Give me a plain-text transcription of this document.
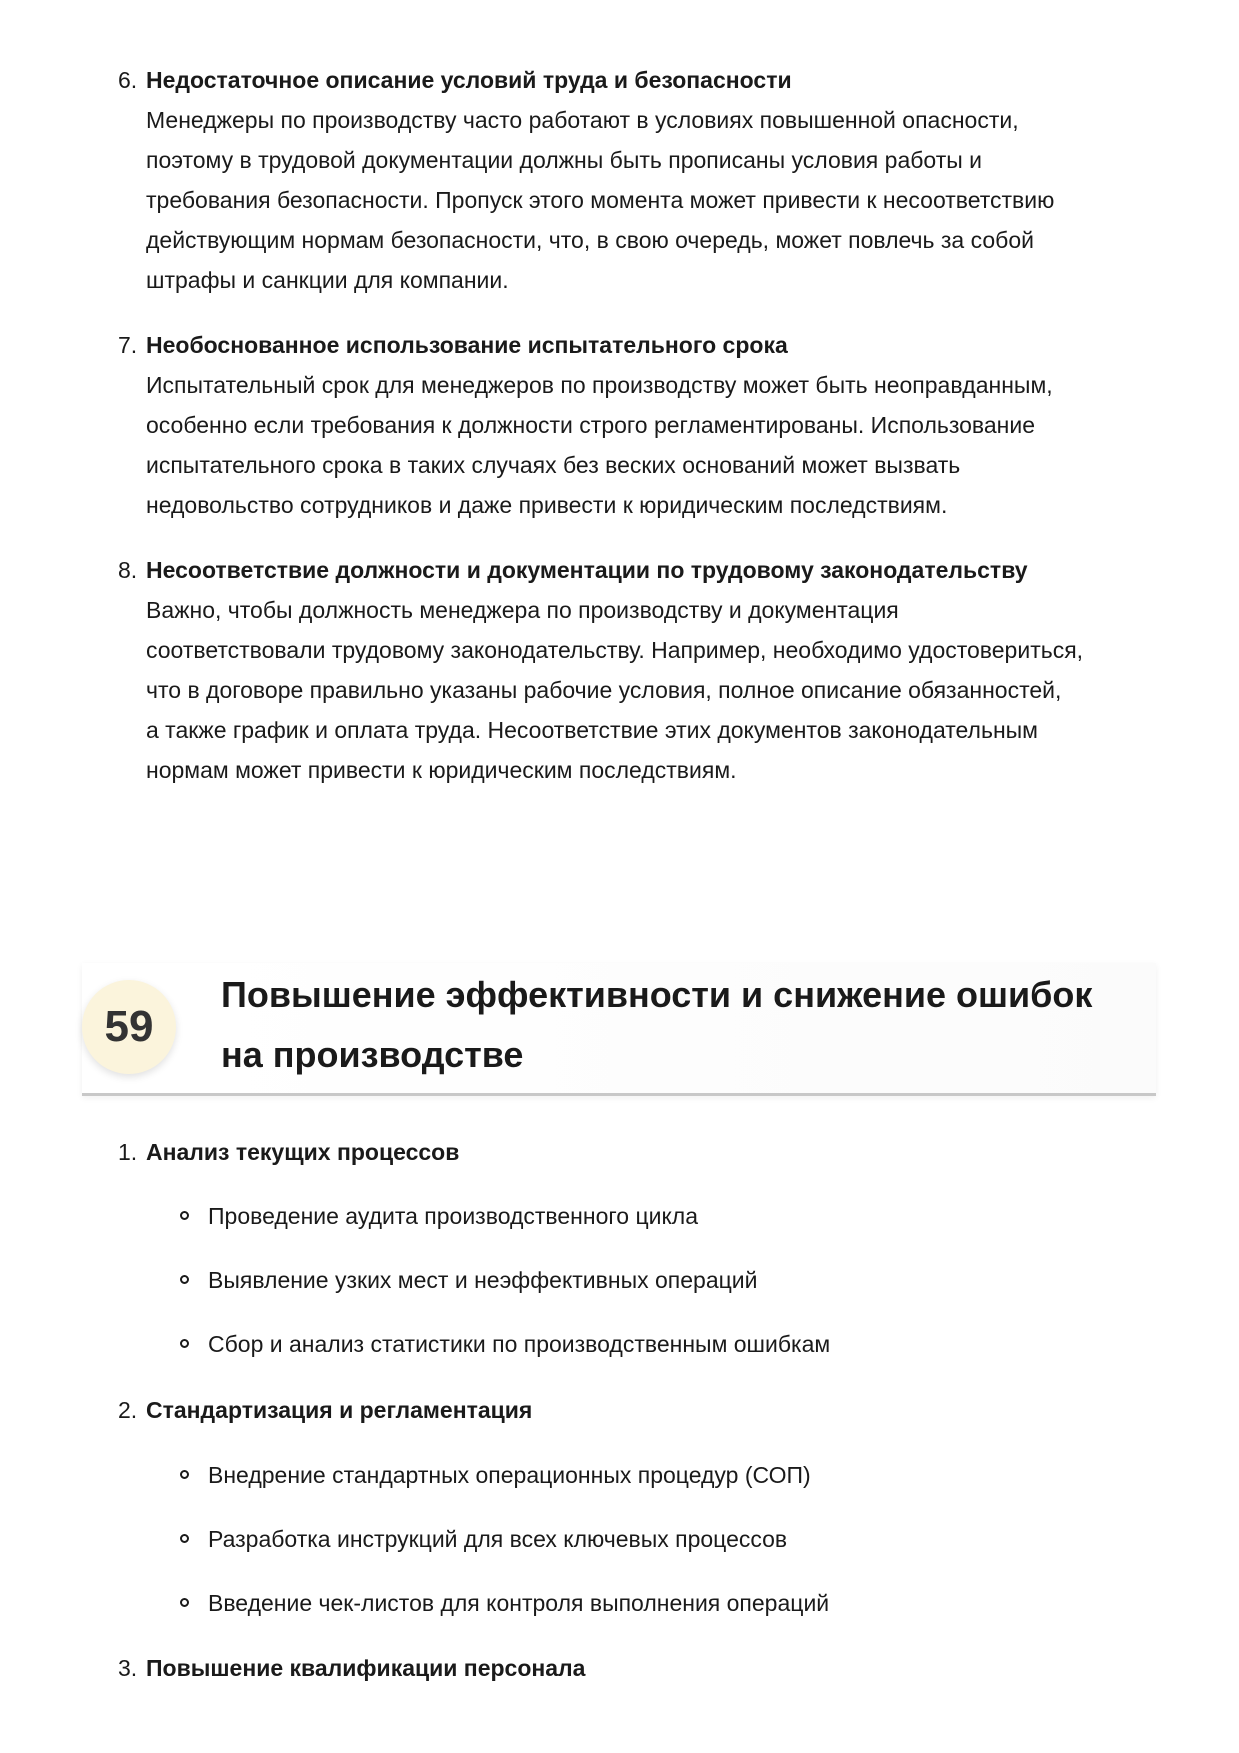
6. Недостаточное описание условий труда и безопасности

Менеджеры по производству часто работают в условиях повышенной опасности,

поэтому в трудовой документации должны быть прописаны условия работы и

требования безопасности. Пропуск этого момента может привести к несоответствию

действующим нормам безопасности, что, в свою очередь, может повлечь за собой

штрафы и санкции для компании.

7. Необоснованное использование испытательного срока

Испытательный срок для менеджеров по производству может быть неоправданным,

особенно если требования к должности строго регламентированы. Использование

испытательного срока в таких случаях без веских оснований может вызвать

недовольство сотрудников и даже привести к юридическим последствиям.

8. Несоответствие должности и документации по трудовому законодательству

Важно, чтобы должность менеджера по производству и документация

соответствовали трудовому законодательству. Например, необходимо удостовериться,

что в договоре правильно указаны рабочие условия, полное описание обязанностей,

а также график и оплата труда. Несоответствие этих документов законодательным

нормам может привести к юридическим последствиям.

59
Повышение эффективности и снижение ошибок
на производстве
1. Анализ текущих процессов

Проведение аудита производственного цикла
Выявление узких мест и неэффективных операций
Сбор и анализ статистики по производственным ошибкам
2. Стандартизация и регламентация

Внедрение стандартных операционных процедур (СОП)
Разработка инструкций для всех ключевых процессов
Введение чек-листов для контроля выполнения операций
3. Повышение квалификации персонала
